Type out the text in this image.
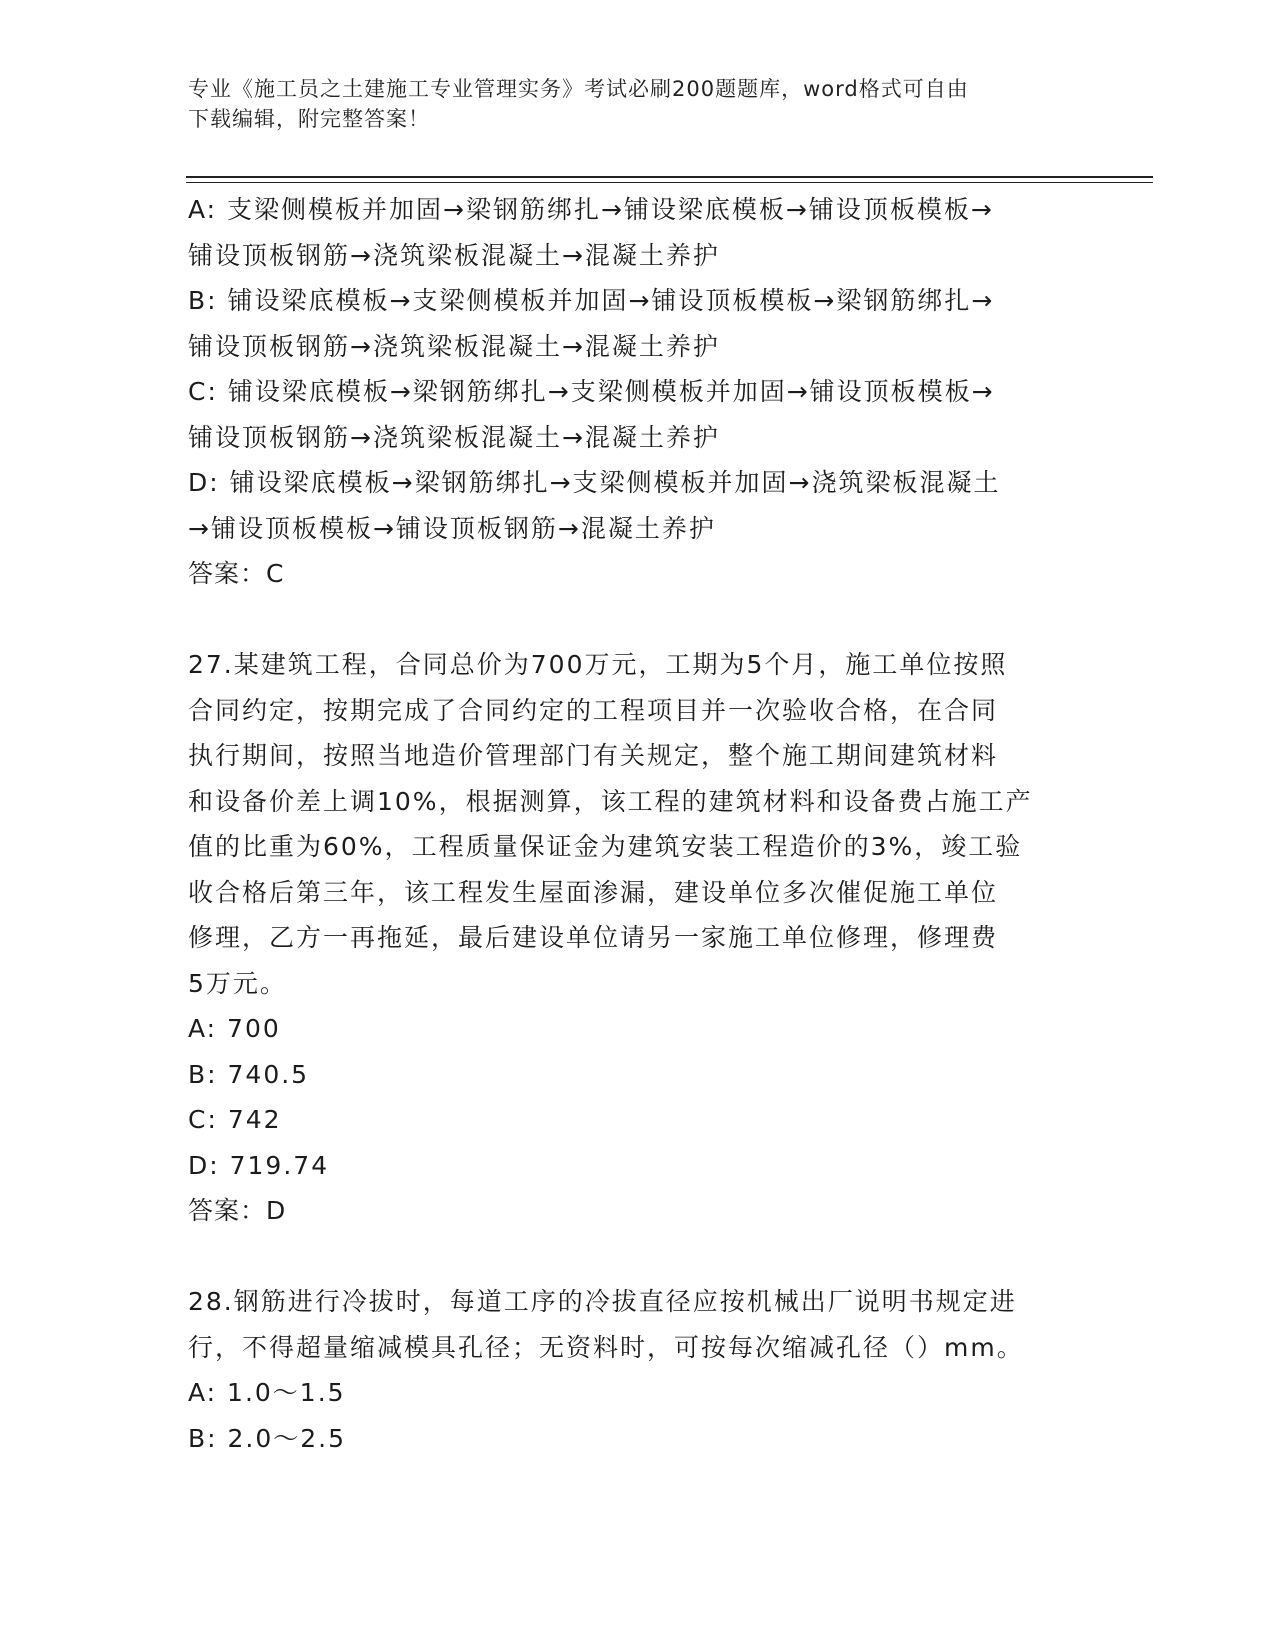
专业《施工员之土建施工专业管理实务》考试必刷200题题库，word格式可自由
下载编辑，附完整答案！
A: 支梁侧模板并加固→梁钢筋绑扎→铺设梁底模板→铺设顶板模板→
铺设顶板钢筋→浇筑梁板混凝土→混凝土养护
B: 铺设梁底模板→支梁侧模板并加固→铺设顶板模板→梁钢筋绑扎→
铺设顶板钢筋→浇筑梁板混凝土→混凝土养护
C: 铺设梁底模板→梁钢筋绑扎→支梁侧模板并加固→铺设顶板模板→
铺设顶板钢筋→浇筑梁板混凝土→混凝土养护
D: 铺设梁底模板→梁钢筋绑扎→支梁侧模板并加固→浇筑梁板混凝土
→铺设顶板模板→铺设顶板钢筋→混凝土养护
答案：C
27.某建筑工程，合同总价为700万元，工期为5个月，施工单位按照
合同约定，按期完成了合同约定的工程项目并一次验收合格，在合同
执行期间，按照当地造价管理部门有关规定，整个施工期间建筑材料
和设备价差上调10%，根据测算，该工程的建筑材料和设备费占施工产
值的比重为60%，工程质量保证金为建筑安装工程造价的3%，竣工验
收合格后第三年，该工程发生屋面渗漏，建设单位多次催促施工单位
修理，乙方一再拖延，最后建设单位请另一家施工单位修理，修理费
5万元。
A: 700
B: 740.5
C: 742
D: 719.74
答案：D
28.钢筋进行冷拔时，每道工序的冷拔直径应按机械出厂说明书规定进
行，不得超量缩减模具孔径；无资料时，可按每次缩减孔径（）mm。
A: 1.0～1.5
B: 2.0～2.5
